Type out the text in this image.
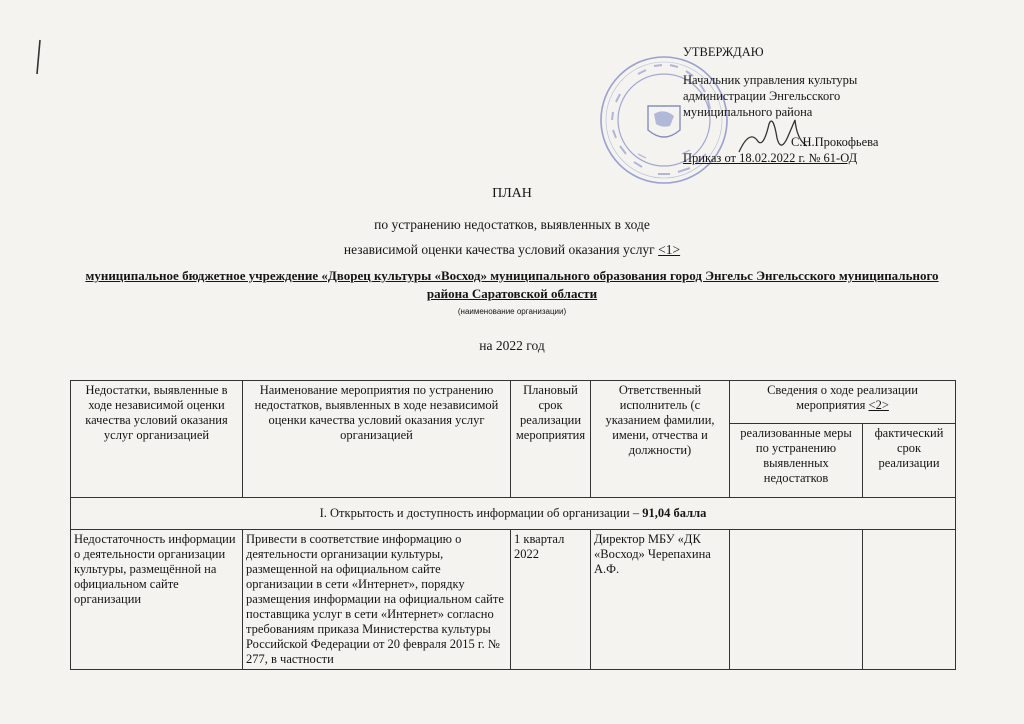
УТВЕРЖДАЮ
Начальник управления культуры
администрации Энгельсского
муниципального района
С.Н.Прокофьева
Приказ от 18.02.2022 г. № 61-ОД
ПЛАН
по устранению недостатков, выявленных в ходе
независимой оценки качества условий оказания услуг <1>
муниципальное бюджетное учреждение «Дворец культуры «Восход» муниципального образования город Энгельс Энгельсского муниципального района Саратовской области
(наименование организации)
на 2022 год
Недостатки, выявленные в ходе независимой оценки качества условий оказания услуг организацией	Наименование мероприятия по устранению недостатков, выявленных в ходе независимой оценки качества условий оказания услуг организацией	Плановый срок реализации мероприятия	Ответственный исполнитель (с указанием фамилии, имени, отчества и должности)	Сведения о ходе реализации мероприятия <2>	
				реализованные меры по устранению выявленных недостатков	фактический срок реализации
I. Открытость и доступность информации об организации – 91,04 балла					
Недостаточность информации о деятельности организации культуры, размещённой на официальном сайте организации	Привести в соответствие информацию о деятельности организации культуры, размещенной на официальном сайте организации в сети «Интернет», порядку размещения информации на официальном сайте поставщика услуг в сети «Интернет» согласно требованиям приказа Министерства культуры Российской Федерации от 20 февраля 2015 г. № 277, в частности	1 квартал 2022	Директор МБУ «ДК «Восход» Черепахина А.Ф.		
